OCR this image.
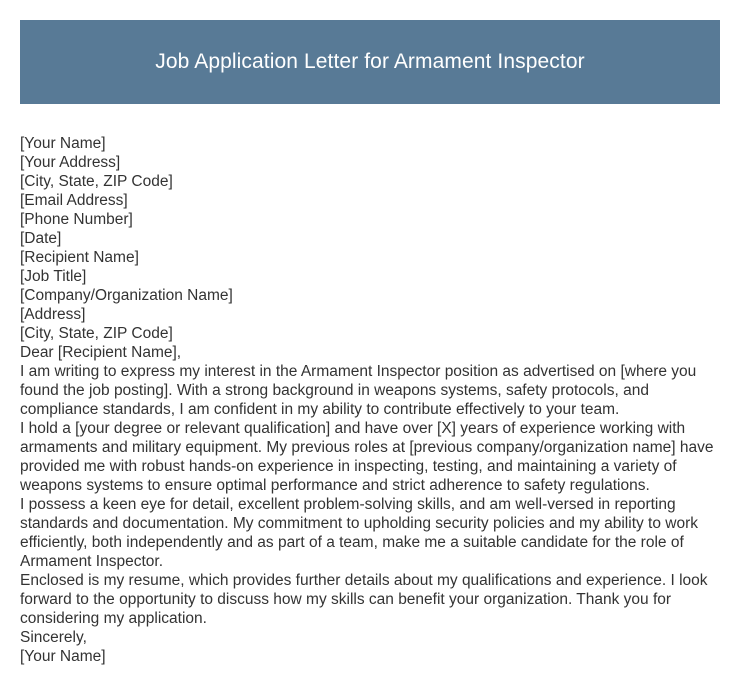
Job Application Letter for Armament Inspector

[Your Name]

[Your Address]

[City, State, ZIP Code]

[Email Address]

[Phone Number]

[Date]

[Recipient Name]

[Job Title]

[Company/Organization Name]

[Address]

[City, State, ZIP Code]

Dear [Recipient Name],

I am writing to express my interest in the Armament Inspector position as advertised on [where you found the job posting]. With a strong background in weapons systems, safety protocols, and compliance standards, I am confident in my ability to contribute effectively to your team.

I hold a [your degree or relevant qualification] and have over [X] years of experience working with armaments and military equipment. My previous roles at [previous company/organization name] have provided me with robust hands-on experience in inspecting, testing, and maintaining a variety of weapons systems to ensure optimal performance and strict adherence to safety regulations.

I possess a keen eye for detail, excellent problem-solving skills, and am well-versed in reporting standards and documentation. My commitment to upholding security policies and my ability to work efficiently, both independently and as part of a team, make me a suitable candidate for the role of Armament Inspector.

Enclosed is my resume, which provides further details about my qualifications and experience. I look forward to the opportunity to discuss how my skills can benefit your organization. Thank you for considering my application.

Sincerely,

[Your Name]
